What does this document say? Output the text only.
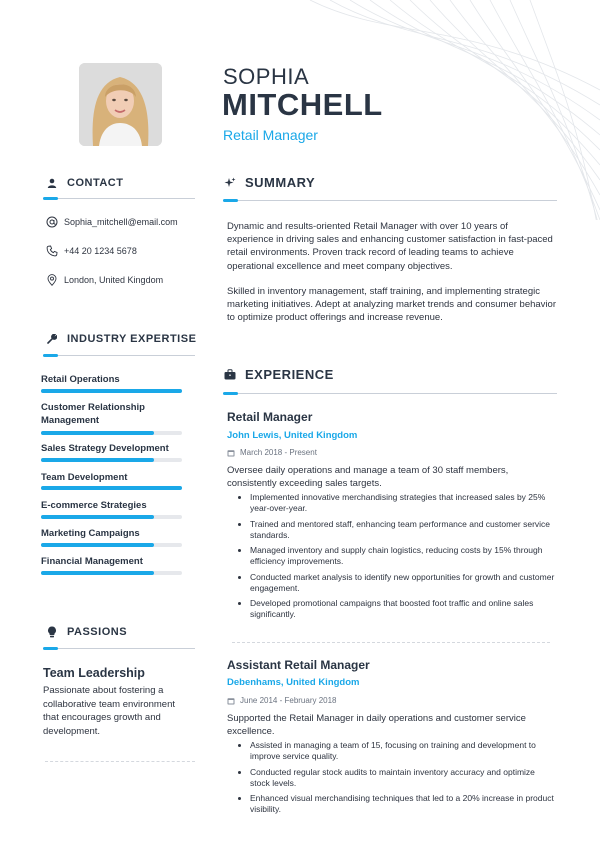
SOPHIA
MITCHELL
Retail Manager
CONTACT
Sophia_mitchell@email.com
+44 20 1234 5678
London, United Kingdom
INDUSTRY EXPERTISE
Retail Operations
Customer Relationship Management
Sales Strategy Development
Team Development
E-commerce Strategies
Marketing Campaigns
Financial Management
PASSIONS
Team Leadership
Passionate about fostering a collaborative team environment that encourages growth and development.
SUMMARY
Dynamic and results-oriented Retail Manager with over 10 years of experience in driving sales and enhancing customer satisfaction in fast-paced retail environments. Proven track record of leading teams to achieve operational excellence and meet company objectives.
Skilled in inventory management, staff training, and implementing strategic marketing initiatives. Adept at analyzing market trends and consumer behavior to optimize product offerings and increase revenue.
EXPERIENCE
Retail Manager
John Lewis, United Kingdom
March 2018 - Present
Oversee daily operations and manage a team of 30 staff members, consistently exceeding sales targets.
Implemented innovative merchandising strategies that increased sales by 25% year-over-year.
Trained and mentored staff, enhancing team performance and customer service standards.
Managed inventory and supply chain logistics, reducing costs by 15% through efficiency improvements.
Conducted market analysis to identify new opportunities for growth and customer engagement.
Developed promotional campaigns that boosted foot traffic and online sales significantly.
Assistant Retail Manager
Debenhams, United Kingdom
June 2014 - February 2018
Supported the Retail Manager in daily operations and customer service excellence.
Assisted in managing a team of 15, focusing on training and development to improve service quality.
Conducted regular stock audits to maintain inventory accuracy and optimize stock levels.
Enhanced visual merchandising techniques that led to a 20% increase in product visibility.
